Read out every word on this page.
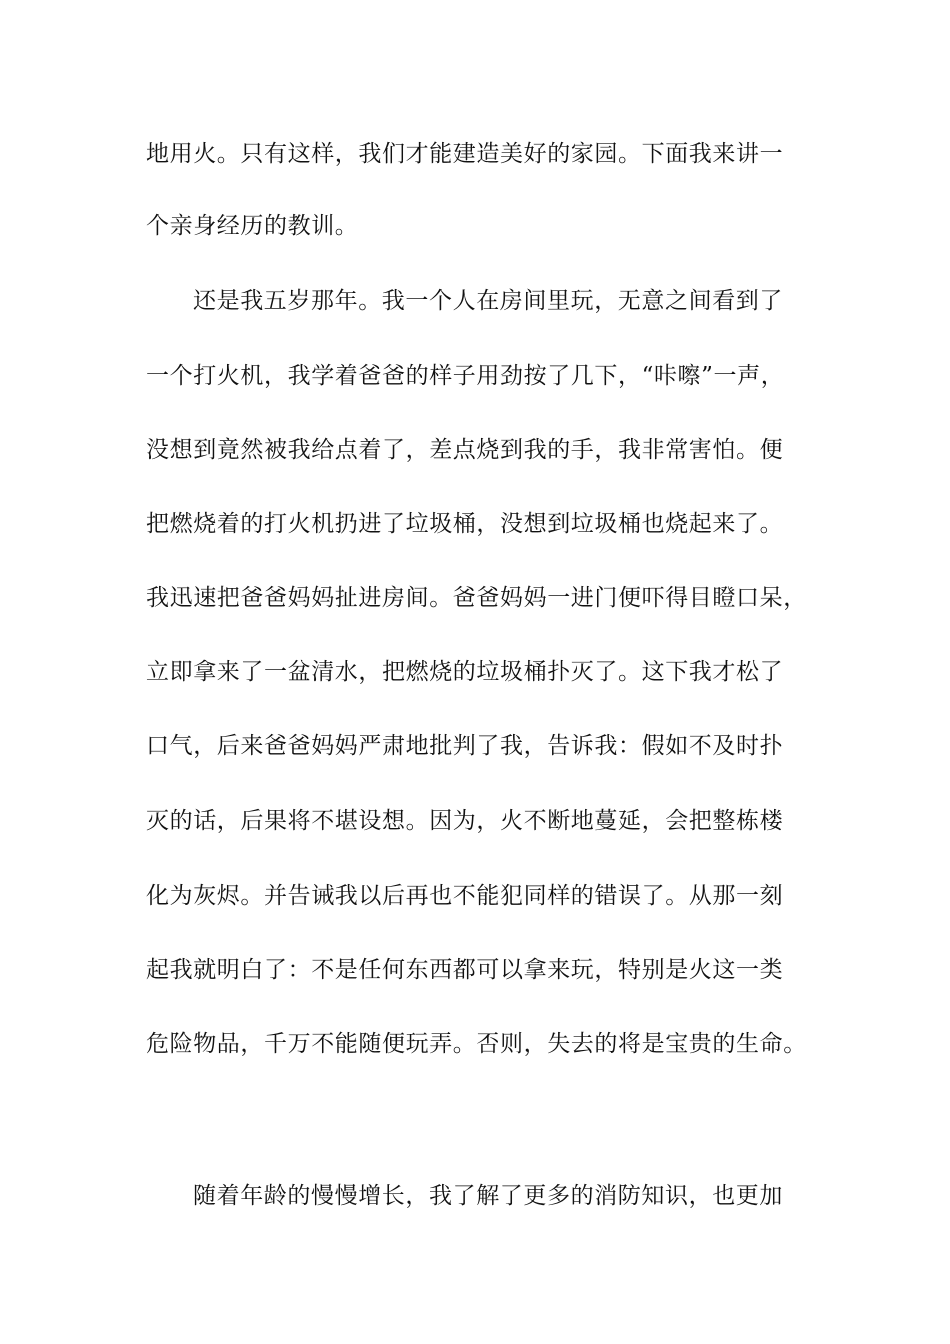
地用火。只有这样，我们才能建造美好的家园。下面我来讲一
个亲身经历的教训。
还是我五岁那年。我一个人在房间里玩，无意之间看到了
一个打火机，我学着爸爸的样子用劲按了几下，“咔嚓”一声，
没想到竟然被我给点着了，差点烧到我的手，我非常害怕。便
把燃烧着的打火机扔进了垃圾桶，没想到垃圾桶也烧起来了。
我迅速把爸爸妈妈扯进房间。爸爸妈妈一进门便吓得目瞪口呆，
立即拿来了一盆清水，把燃烧的垃圾桶扑灭了。这下我才松了
口气，后来爸爸妈妈严肃地批判了我，告诉我：假如不及时扑
灭的话，后果将不堪设想。因为，火不断地蔓延，会把整栋楼
化为灰烬。并告诫我以后再也不能犯同样的错误了。从那一刻
起我就明白了：不是任何东西都可以拿来玩，特别是火这一类
危险物品，千万不能随便玩弄。否则，失去的将是宝贵的生命。
随着年龄的慢慢增长，我了解了更多的消防知识，也更加
